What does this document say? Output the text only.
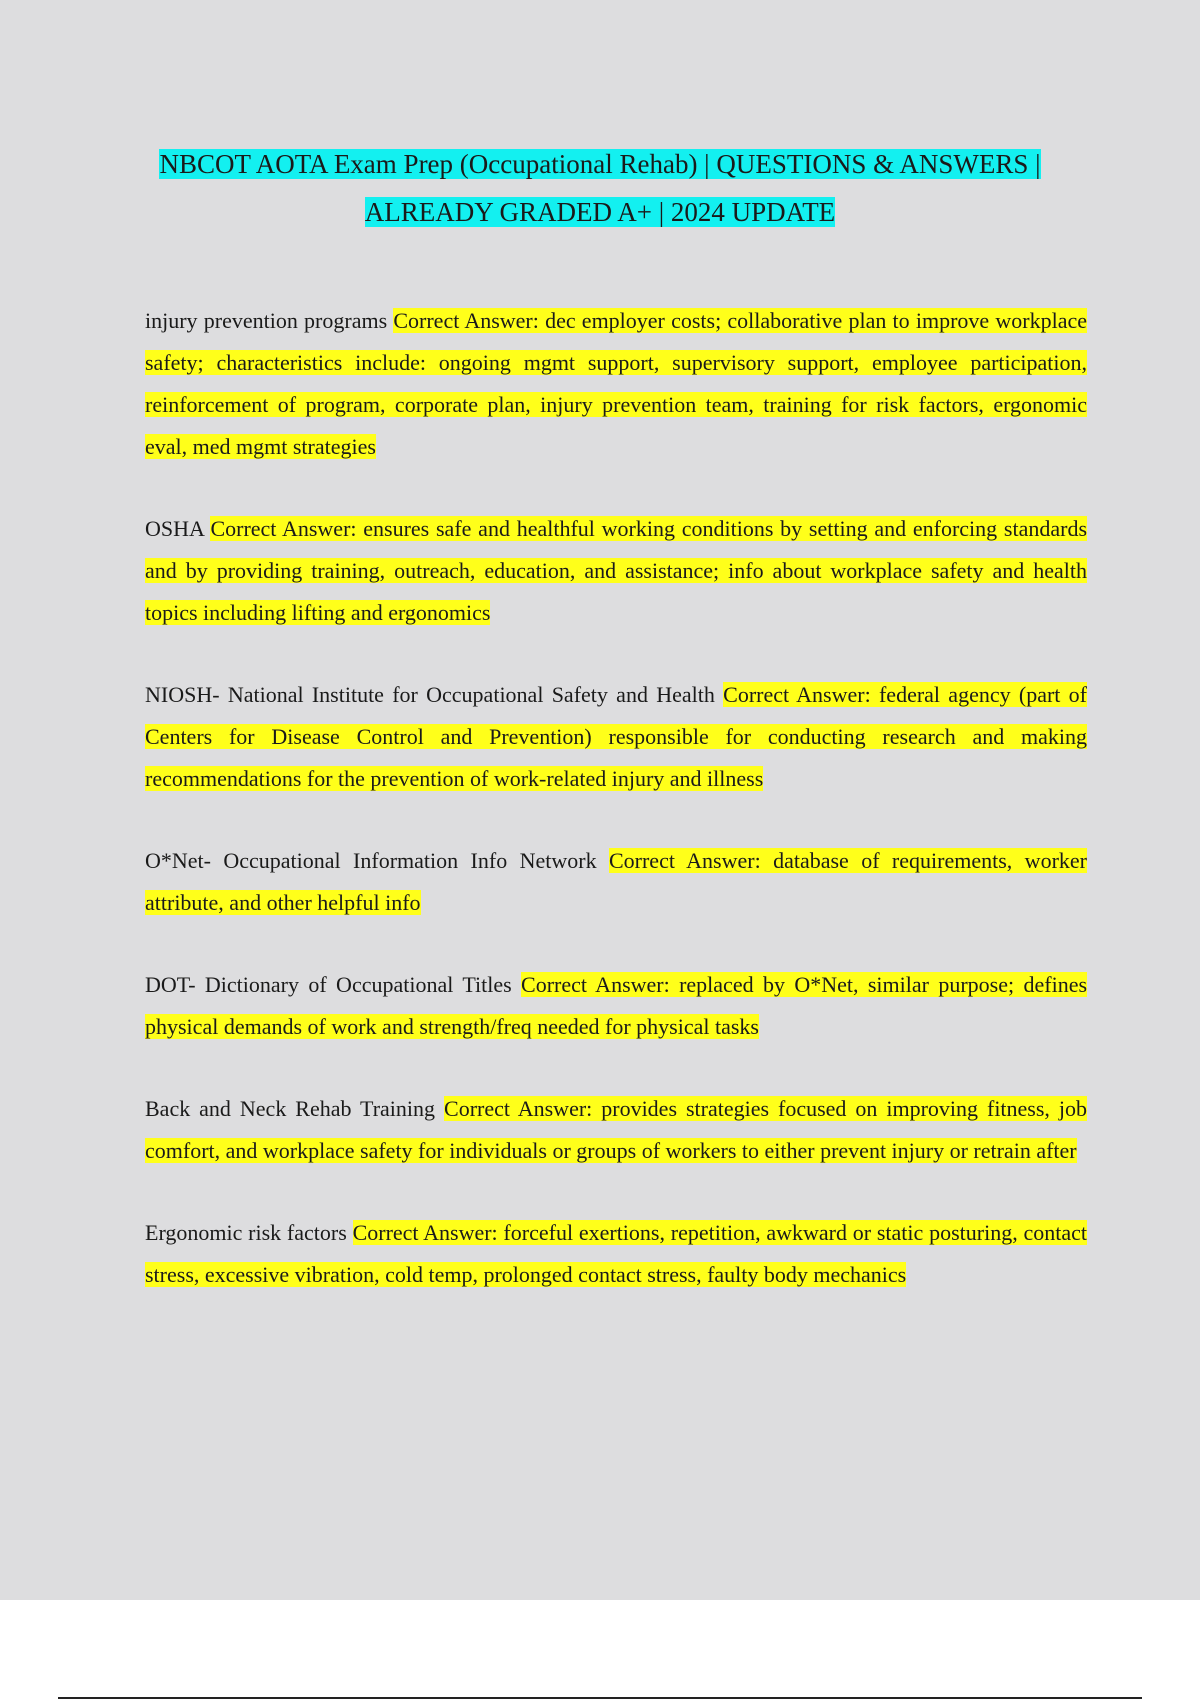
NBCOT AOTA Exam Prep (Occupational Rehab) | QUESTIONS & ANSWERS |
ALREADY GRADED A+ | 2024 UPDATE

injury prevention programs Correct Answer: dec employer costs; collaborative plan to improve workplace safety; characteristics include: ongoing mgmt support, supervisory support, employee participation, reinforcement of program, corporate plan, injury prevention team, training for risk factors, ergonomic eval, med mgmt strategies

OSHA Correct Answer: ensures safe and healthful working conditions by setting and enforcing standards and by providing training, outreach, education, and assistance; info about workplace safety and health topics including lifting and ergonomics

NIOSH- National Institute for Occupational Safety and Health Correct Answer: federal agency (part of Centers for Disease Control and Prevention) responsible for conducting research and making recommendations for the prevention of work-related injury and illness

O*Net- Occupational Information Info Network Correct Answer: database of requirements, worker attribute, and other helpful info

DOT- Dictionary of Occupational Titles Correct Answer: replaced by O*Net, similar purpose; defines physical demands of work and strength/freq needed for physical tasks

Back and Neck Rehab Training Correct Answer: provides strategies focused on improving fitness, job comfort, and workplace safety for individuals or groups of workers to either prevent injury or retrain after

Ergonomic risk factors Correct Answer: forceful exertions, repetition, awkward or static posturing, contact stress, excessive vibration, cold temp, prolonged contact stress, faulty body mechanics
